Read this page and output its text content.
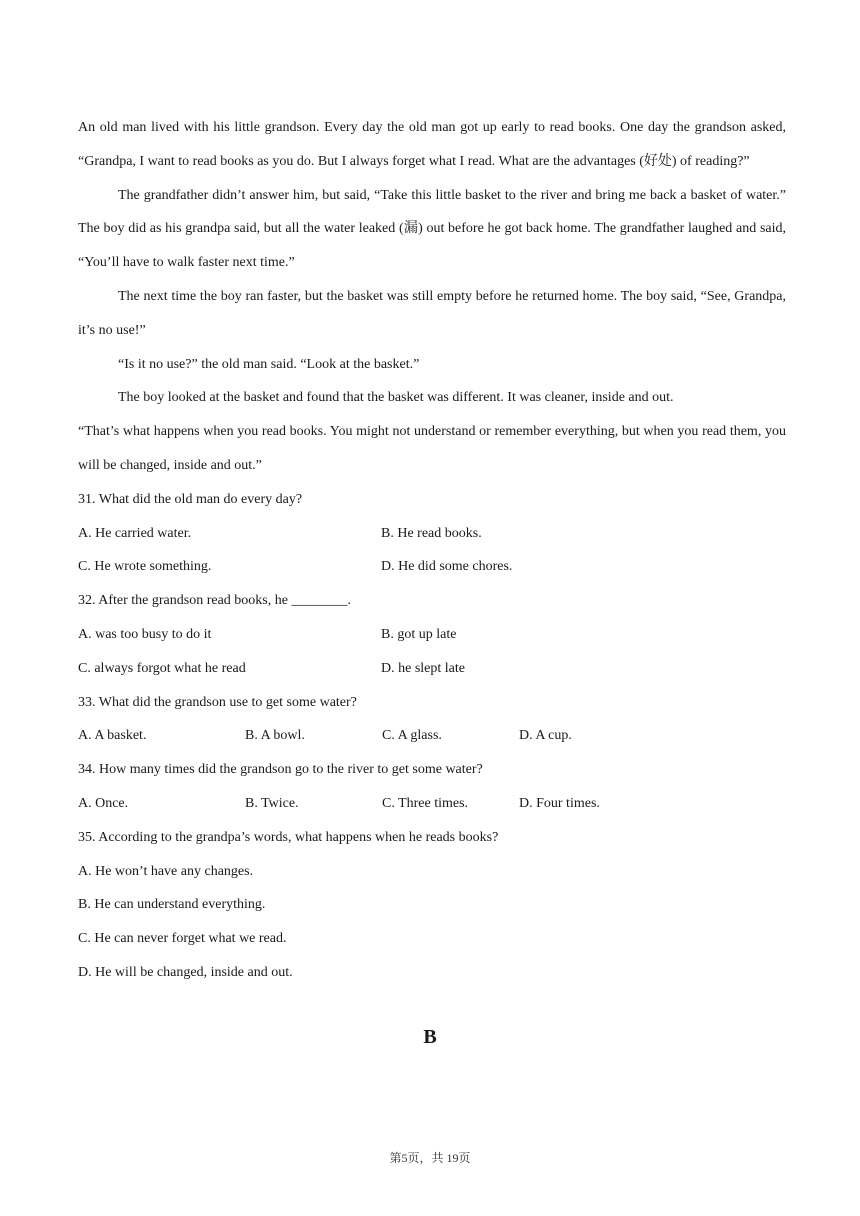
An old man lived with his little grandson. Every day the old man got up early to read books. One day the grandson asked, “Grandpa, I want to read books as you do. But I always forget what I read. What are the advantages (好处) of reading?”
The grandfather didn’t answer him, but said, “Take this little basket to the river and bring me back a basket of water.” The boy did as his grandpa said, but all the water leaked (漏) out before he got back home. The grandfather laughed and said, “You’ll have to walk faster next time.”
The next time the boy ran faster, but the basket was still empty before he returned home. The boy said, “See, Grandpa, it’s no use!”
“Is it no use?” the old man said. “Look at the basket.”
The boy looked at the basket and found that the basket was different. It was cleaner, inside and out.
“That’s what happens when you read books. You might not understand or remember everything, but when you read them, you will be changed, inside and out.”
31. What did the old man do every day?
A. He carried water.	B. He read books.
C. He wrote something.	D. He did some chores.
32. After the grandson read books, he ________.
A. was too busy to do it	B. got up late
C. always forgot what he read	D. he slept late
33. What did the grandson use to get some water?
A. A basket.	B. A bowl.	C. A glass.	D. A cup.
34. How many times did the grandson go to the river to get some water?
A. Once.	B. Twice.	C. Three times.	D. Four times.
35. According to the grandpa’s words, what happens when he reads books?
A. He won’t have any changes.
B. He can understand everything.
C. He can never forget what we read.
D. He will be changed, inside and out.
B
第5页，共 19页
